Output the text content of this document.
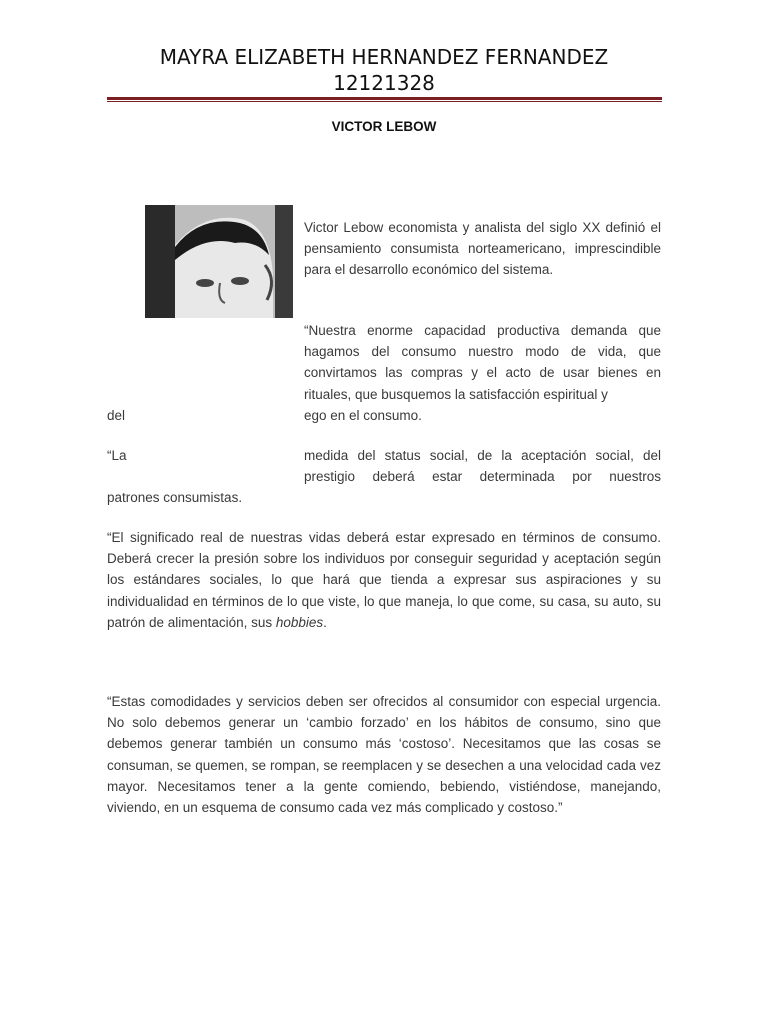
MAYRA ELIZABETH HERNANDEZ FERNANDEZ
12121328
VICTOR LEBOW

Victor Lebow economista y analista del siglo XX definió el pensamiento consumista norteamericano, imprescindible para el desarrollo económico del sistema.

“Nuestra enorme capacidad productiva demanda que hagamos del consumo nuestro modo de vida, que convirtamos las compras y el acto de usar bienes en rituales, que busquemos la satisfacción espiritual y

del	ego en el consumo.
“La	medida del status social, de la aceptación social, del prestigio deberá estar determinada por nuestros

patrones consumistas.

“El significado real de nuestras vidas deberá estar expresado en términos de consumo. Deberá crecer la presión sobre los individuos por conseguir seguridad y aceptación según los estándares sociales, lo que hará que tienda a expresar sus aspiraciones y su individualidad en términos de lo que viste, lo que maneja, lo que come, su casa, su auto, su patrón de alimentación, sus hobbies.

“Estas comodidades y servicios deben ser ofrecidos al consumidor con especial urgencia. No solo debemos generar un ‘cambio forzado’ en los hábitos de consumo, sino que debemos generar también un consumo más ‘costoso’. Necesitamos que las cosas se consuman, se quemen, se rompan, se reemplacen y se desechen a una velocidad cada vez mayor. Necesitamos tener a la gente comiendo, bebiendo, vistiéndose, manejando, viviendo, en un esquema de consumo cada vez más complicado y costoso.”
